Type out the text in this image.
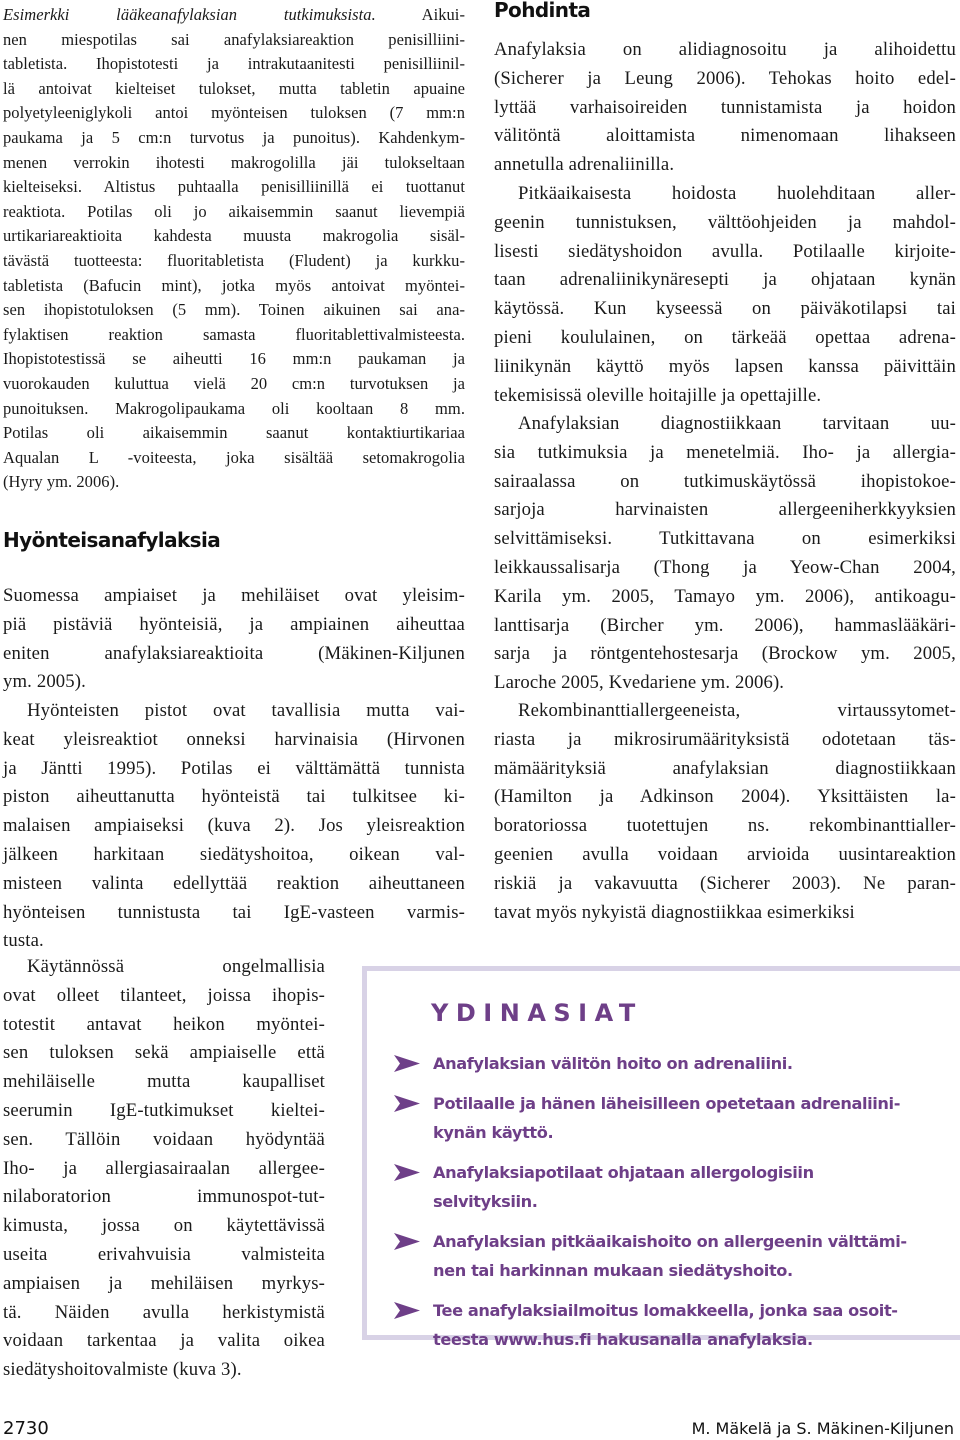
Esimerkki lääkeanafylaksian tutkimuksista.	Aikui-
nen miespotilas sai anafylaksiareaktion penisilliini-
tabletista. Ihopistotesti ja intrakutaanitesti penisilliinil-
lä antoivat kielteiset tulokset, mutta tabletin apuaine
polyetyleeniglykoli antoi myönteisen tuloksen (7 mm:n
paukama ja 5 cm:n turvotus ja punoitus). Kahdenkym-
menen verrokin ihotesti makrogolilla jäi tulokseltaan
kielteiseksi. Altistus puhtaalla penisilliinillä ei tuottanut
reaktiota. Potilas oli jo aikaisemmin saanut lievempiä
urtikariareaktioita kahdesta muusta makrogolia sisäl-
tävästä tuotteesta: fluoritabletista (Fludent) ja kurkku-
tabletista (Bafucin mint), jotka myös antoivat myöntei-
sen ihopistotuloksen (5 mm). Toinen aikuinen sai ana-
fylaktisen reaktion samasta fluoritablettivalmisteesta.
Ihopistotestissä se aiheutti 16 mm:n paukaman ja
vuorokauden kuluttua vielä 20 cm:n turvotuksen ja
punoituksen. Makrogolipaukama oli kooltaan 8 mm.
Potilas oli aikaisemmin saanut kontaktiurtikariaa
Aqualan L -voiteesta, joka sisältää setomakrogolia
(Hyry ym. 2006).
Hyönteisanafylaksia
Suomessa ampiaiset ja mehiläiset ovat yleisim-
piä pistäviä hyönteisiä, ja ampiainen aiheuttaa
eniten anafylaksiareaktioita (Mäkinen-Kiljunen
ym. 2005).
Hyönteisten pistot ovat tavallisia mutta vai-
keat yleisreaktiot onneksi harvinaisia (Hirvonen
ja Jäntti 1995). Potilas ei välttämättä tunnista
piston aiheuttanutta hyönteistä tai tulkitsee ki-
malaisen ampiaiseksi (kuva 2). Jos yleisreaktion
jälkeen harkitaan siedätyshoitoa, oikean val-
misteen valinta edellyttää reaktion aiheuttaneen
hyönteisen tunnistusta tai IgE-vasteen varmis-
tusta.
Käytännössä ongelmallisia
ovat olleet tilanteet, joissa ihopis-
totestit antavat heikon myöntei-
sen tuloksen sekä ampiaiselle että
mehiläiselle mutta kaupalliset
seerumin IgE-tutkimukset kieltei-
sen. Tällöin voidaan hyödyntää
Iho- ja allergiasairaalan allergee-
nilaboratorion immunospot-tut-
kimusta, jossa on käytettävissä
useita erivahvuisia valmisteita
ampiaisen ja mehiläisen myrkys-
tä. Näiden avulla herkistymistä
voidaan tarkentaa ja valita oikea
siedätyshoitovalmiste (kuva 3).
Pohdinta
Anafylaksia on alidiagnosoitu ja alihoidettu
(Sicherer ja Leung 2006). Tehokas hoito edel-
lyttää varhaisoireiden tunnistamista ja hoidon
välitöntä aloittamista nimenomaan lihakseen
annetulla adrenaliinilla.
Pitkäaikaisesta hoidosta huolehditaan aller-
geenin tunnistuksen, välttöohjeiden ja mahdol-
lisesti siedätyshoidon avulla. Potilaalle kirjoite-
taan adrenaliinikynäresepti ja ohjataan kynän
käytössä. Kun kyseessä on päiväkotilapsi tai
pieni koululainen, on tärkeää opettaa adrena-
liinikynän käyttö myös lapsen kanssa päivittäin
tekemisissä oleville hoitajille ja opettajille.
Anafylaksian diagnostiikkaan tarvitaan uu-
sia tutkimuksia ja menetelmiä. Iho- ja allergia-
sairaalassa on tutkimuskäytössä ihopistokoe-
sarjoja harvinaisten allergeeniherkkyyksien
selvittämiseksi. Tutkittavana on esimerkiksi
leikkaussalisarja (Thong ja Yeow-Chan 2004,
Karila ym. 2005, Tamayo ym. 2006), antikoagu-
lanttisarja (Bircher ym. 2006), hammaslääkäri-
sarja ja röntgentehostesarja (Brockow ym. 2005,
Laroche 2005, Kvedariene ym. 2006).
Rekombinanttiallergeeneista, virtaussytomet-
riasta ja mikrosirumäärityksistä odotetaan täs-
mämäärityksiä anafylaksian diagnostiikkaan
(Hamilton ja Adkinson 2004). Yksittäisten la-
boratoriossa tuotettujen ns. rekombinanttialler-
geenien avulla voidaan arvioida uusintareaktion
riskiä ja vakavuutta (Sicherer 2003). Ne paran-
tavat myös nykyistä diagnostiikkaa esimerkiksi
YDINASIAT
Anafylaksian välitön hoito on adrenaliini.
Potilaalle ja hänen läheisilleen opetetaan adrenaliini-
kynän käyttö.
Anafylaksiapotilaat ohjataan allergologisiin selvityksiin.
Anafylaksian pitkäaikaishoito on allergeenin välttämi-
nen tai harkinnan mukaan siedätyshoito.
Tee anafylaksiailmoitus lomakkeella, jonka saa osoit-
teesta www.hus.fi hakusanalla anafylaksia.
2730	M. Mäkelä ja S. Mäkinen-Kiljunen
